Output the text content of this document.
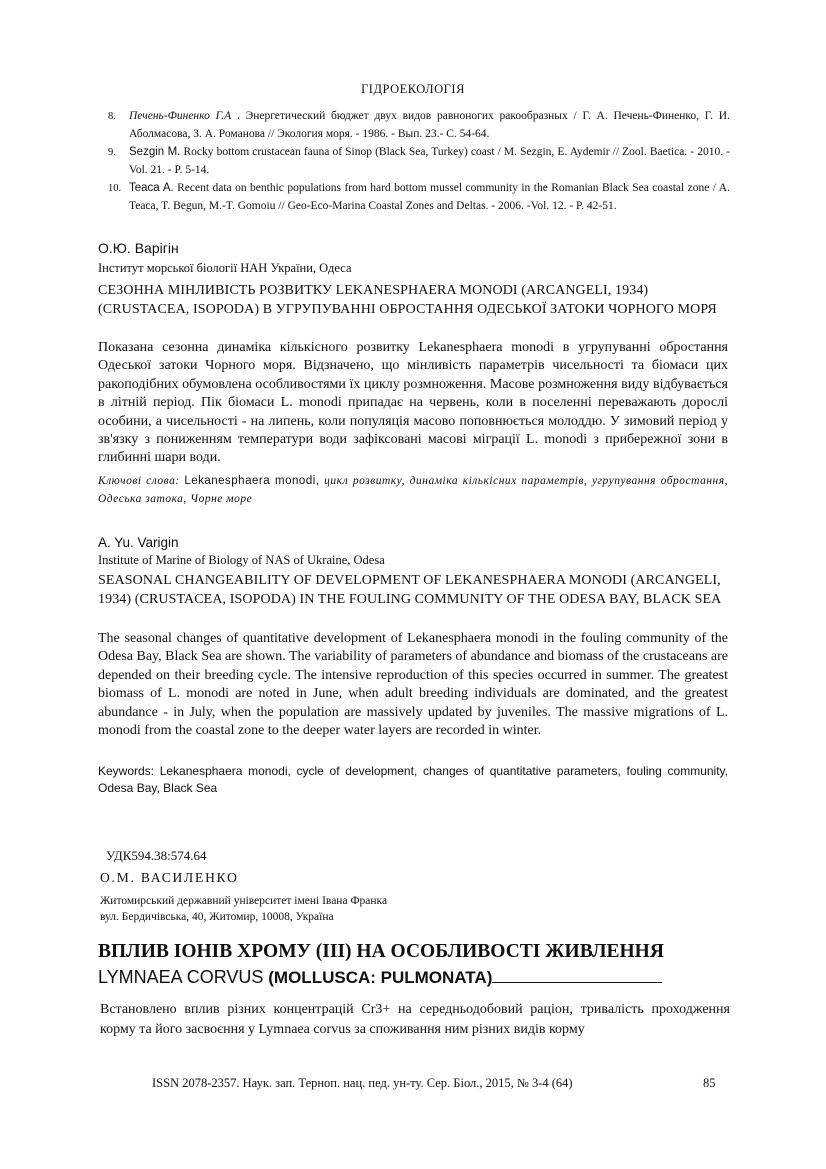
ГІДРОЕКОЛОГІЯ
8. Печень-Финенко Г.А . Энергетический бюджет двух видов равноногих ракообразных / Г. А. Печень-Финенко, Г. И. Аболмасова, З. А. Романова // Экология моря. - 1986. - Вып. 23.- С. 54-64.
9. Sezgin M. Rocky bottom crustacean fauna of Sinop (Black Sea, Turkey) coast / M. Sezgin, E. Aydemir // Zool. Baetica. - 2010. - Vol. 21. - P. 5-14.
10. Teaca A. Recent data on benthic populations from hard bottom mussel community in the Romanian Black Sea coastal zone / A. Teaca, T. Begun, M.-T. Gomoiu // Geo-Eco-Marina Coastal Zones and Deltas. - 2006. -Vol. 12. - P. 42-51.
О.Ю. Варігін
Інститут морської біології НАН України, Одеса
СЕЗОННА МІНЛИВІСТЬ РОЗВИТКУ LEKANESPHAERA MONODI (ARCANGELI, 1934) (CRUSTACEA, ISOPODA) В УГРУПУВАННІ ОБРОСТАННЯ ОДЕСЬКОЇ ЗАТОКИ ЧОРНОГО МОРЯ
Показана сезонна динаміка кількісного розвитку Lekanesphaera monodi в угрупуванні обростання Одеської затоки Чорного моря. Відзначено, що мінливість параметрів чисельності та біомаси цих ракоподібних обумовлена особливостями їх циклу розмноження. Масове розмноження виду відбувається в літній період. Пік біомаси L. monodi припадає на червень, коли в поселенні переважають дорослі особини, а чисельності - на липень, коли популяція масово поповнюється молоддю. У зимовий період у зв'язку з пониженням температури води зафіксовані масові міграції L. monodi з прибережної зони в глибинні шари води.
Ключові слова: Lekanesphaera monodi, цикл розвитку, динаміка кількісних параметрів, угрупування обростання, Одеська затока, Чорне море
A. Yu. Varigin
Institute of Marine of Biology of NAS of Ukraine, Odesa
SEASONAL CHANGEABILITY OF DEVELOPMENT OF LEKANESPHAERA MONODI (ARCANGELI, 1934) (CRUSTACEA, ISOPODA) IN THE FOULING COMMUNITY OF THE ODESA BAY, BLACK SEA
The seasonal changes of quantitative development of Lekanesphaera monodi in the fouling community of the Odesa Bay, Black Sea are shown. The variability of parameters of abundance and biomass of the crustaceans are depended on their breeding cycle. The intensive reproduction of this species occurred in summer. The greatest biomass of L. monodi are noted in June, when adult breeding individuals are dominated, and the greatest abundance - in July, when the population are massively updated by juveniles. The massive migrations of L. monodi from the coastal zone to the deeper water layers are recorded in winter.
Keywords: Lekanesphaera monodi, cycle of development, changes of quantitative parameters, fouling community, Odesa Bay, Black Sea
УДК594.38:574.64
О.М. ВАСИЛЕНКО
Житомирський державний університет імені Івана Франка
вул. Бердичівська, 40, Житомир, 10008, Україна
ВПЛИВ ІОНІВ ХРОМУ (III) НА ОСОБЛИВОСТІ ЖИВЛЕННЯ
LYMNAEA CORVUS (MOLLUSCA: PULMONATA)
Встановлено вплив різних концентрацій Cr3+ на середньодобовий раціон, тривалість проходження корму та його засвоєння у Lymnaea corvus за споживання ним різних видів корму
ISSN 2078-2357. Наук. зап. Терноп. нац. пед. ун-ту. Сер. Біол., 2015, № 3-4 (64)	85
